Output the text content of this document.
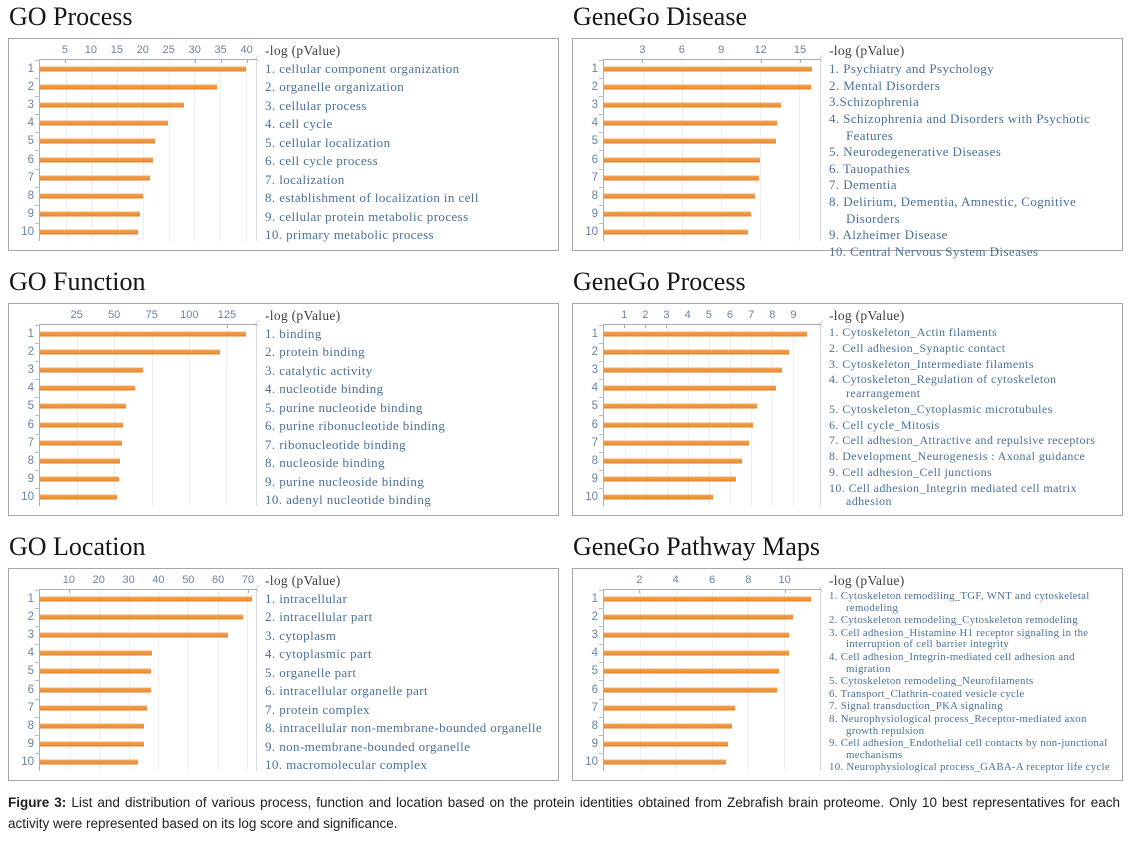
GO Process
5 10 15 20 25 30 35 40
1
2
3
4
5
6
7
8
9
10
-log (pValue)
1. cellular component organization
2. organelle organization
3. cellular process
4. cell cycle
5. cellular localization
6. cell cycle process
7. localization
8. establishment of localization in cell
9. cellular protein metabolic process
10. primary metabolic process
GeneGo Disease
3	6	9	12 15
1
2
3
4
5
6
7
8
9
10
-log (pValue)
1. Psychiatry and Psychology
2. Mental Disorders
3.Schizophrenia
4. Schizophrenia and Disorders with Psychotic Features
5. Neurodegenerative Diseases
6. Tauopathies
7. Dementia
8. Delirium, Dementia, Amnestic, Cognitive Disorders
9. Alzheimer Disease
10. Central Nervous System Diseases
GO Function
25 50 75 100 125
1
2
3
4
5
6
7
8
9
10
-log (pValue)
1. binding
2. protein binding
3. catalytic activity
4. nucleotide binding
5. purine nucleotide binding
6. purine ribonucleotide binding
7. ribonucleotide binding
8. nucleoside binding
9. purine nucleoside binding
10. adenyl nucleotide binding
GeneGo Process
1 2 3 4 5 6 7 8 9
1
2
3
4
5
6
7
8
9
10
-log (pValue)
1. Cytoskeleton_Actin filaments
2. Cell adhesion_Synaptic contact
3. Cytoskeleton_Intermediate filaments
4. Cytoskeleton_Regulation of cytoskeleton rearrangement
5. Cytoskeleton_Cytoplasmic microtubules
6. Cell cycle_Mitosis
7. Cell adhesion_Attractive and repulsive receptors
8. Development_Neurogenesis : Axonal guidance
9. Cell adhesion_Cell junctions
10. Cell adhesion_Integrin mediated cell matrix adhesion
GO Location
10 20 30 40 50 60 70
1
2
3
4
5
6
7
8
9
10
-log (pValue)
1. intracellular
2. intracellular part
3. cytoplasm
4. cytoplasmic part
5. organelle part
6. intracellular organelle part
7. protein complex
8. intracellular non-membrane-bounded organelle
9. non-membrane-bounded organelle
10. macromolecular complex
GeneGo Pathway Maps
2	4	6	8 10
1
2
3
4
5
6
7
8
9
10
-log (pValue)
1. Cytoskeleton remodiling_TGF, WNT and cytoskeletal remodeling
2. Cytoskeleton remodeling_Cytoskeleton remodeling
3. Cell adhesion_Histamine H1 receptor signaling in the interruption of cell barrier integrity
4. Cell adhesion_Integrin-mediated cell adhesion and migration
5. Cytoskeleton remodeling_Neurofilaments
6. Transport_Clathrin-coated vesicle cycle
7. Signal transduction_PKA signaling
8. Neurophysiological process_Receptor-mediated axon growth repulsion
9. Cell adhesion_Endothelial cell contacts by non-junctional mechanisms
10. Neurophysiological process_GABA-A receptor life cycle

Figure 3: List and distribution of various process, function and location based on the protein identities obtained from Zebrafish brain proteome. Only 10 best representatives for each activity were represented based on its log score and significance.
